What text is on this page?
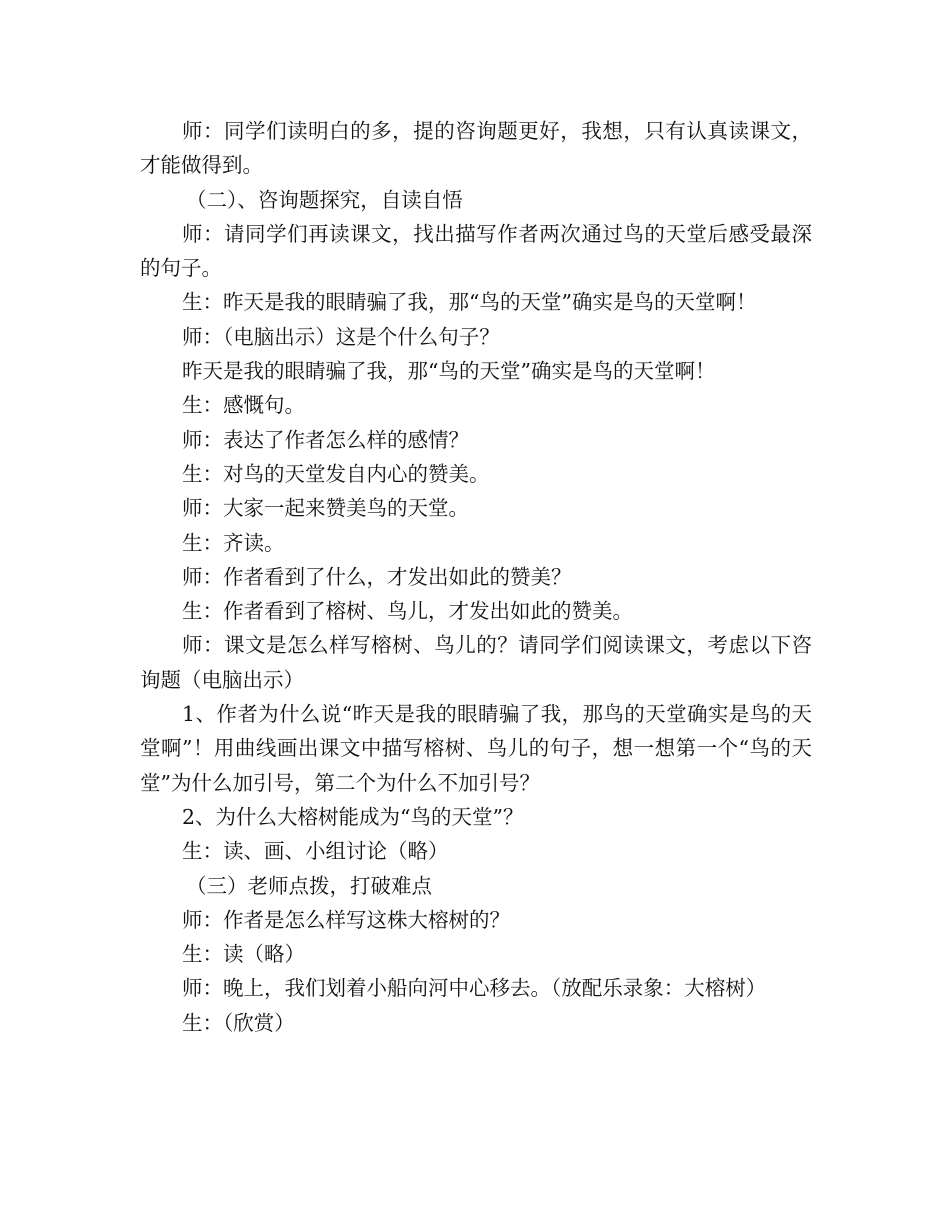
师：同学们读明白的多，提的咨询题更好，我想，只有认真读课文，才能做得到。

（二）、咨询题探究，自读自悟

师：请同学们再读课文，找出描写作者两次通过鸟的天堂后感受最深的句子。

生：昨天是我的眼睛骗了我，那“鸟的天堂”确实是鸟的天堂啊！

师：（电脑出示）这是个什么句子？

昨天是我的眼睛骗了我，那“鸟的天堂”确实是鸟的天堂啊！

生：感慨句。

师：表达了作者怎么样的感情？

生：对鸟的天堂发自内心的赞美。

师：大家一起来赞美鸟的天堂。

生：齐读。

师：作者看到了什么，才发出如此的赞美？

生：作者看到了榕树、鸟儿，才发出如此的赞美。

师：课文是怎么样写榕树、鸟儿的？请同学们阅读课文，考虑以下咨询题（电脑出示）

1、作者为什么说“昨天是我的眼睛骗了我，那鸟的天堂确实是鸟的天堂啊”！用曲线画出课文中描写榕树、鸟儿的句子，想一想第一个“鸟的天堂”为什么加引号，第二个为什么不加引号？

2、为什么大榕树能成为“鸟的天堂”？

生：读、画、小组讨论（略）

（三）老师点拨，打破难点

师：作者是怎么样写这株大榕树的？

生：读（略）

师：晚上，我们划着小船向河中心移去。（放配乐录象：大榕树）

生：（欣赏）
